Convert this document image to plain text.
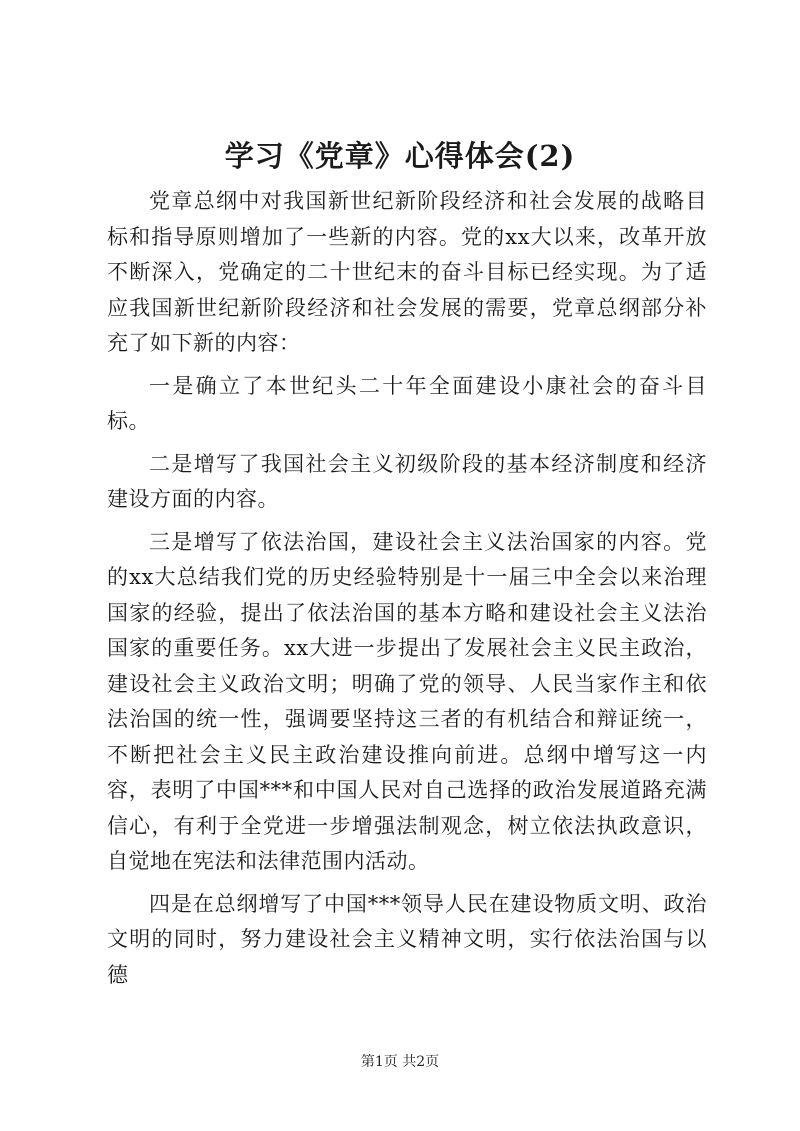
学习《党章》心得体会(2)

党章总纲中对我国新世纪新阶段经济和社会发展的战略目标和指导原则增加了一些新的内容。党的xx大以来，改革开放不断深入，党确定的二十世纪末的奋斗目标已经实现。为了适应我国新世纪新阶段经济和社会发展的需要，党章总纲部分补充了如下新的内容：

一是确立了本世纪头二十年全面建设小康社会的奋斗目标。

二是增写了我国社会主义初级阶段的基本经济制度和经济建设方面的内容。

三是增写了依法治国，建设社会主义法治国家的内容。党的xx大总结我们党的历史经验特别是十一届三中全会以来治理国家的经验，提出了依法治国的基本方略和建设社会主义法治国家的重要任务。xx大进一步提出了发展社会主义民主政治，建设社会主义政治文明；明确了党的领导、人民当家作主和依法治国的统一性，强调要坚持这三者的有机结合和辩证统一，不断把社会主义民主政治建设推向前进。总纲中增写这一内容，表明了中国***和中国人民对自己选择的政治发展道路充满信心，有利于全党进一步增强法制观念，树立依法执政意识，自觉地在宪法和法律范围内活动。

四是在总纲增写了中国***领导人民在建设物质文明、政治文明的同时，努力建设社会主义精神文明，实行依法治国与以德

第1页 共2页
